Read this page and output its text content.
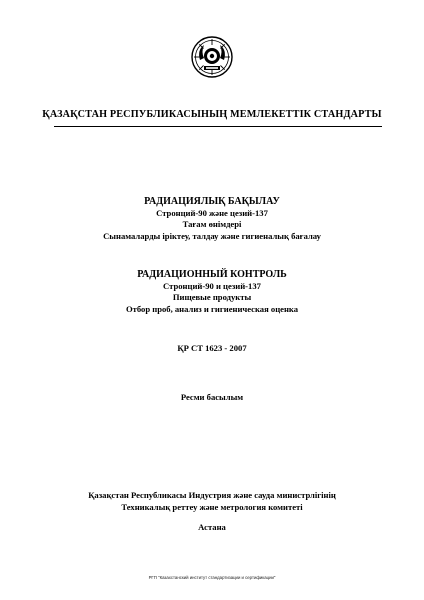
ҚАЗАҚСТАН РЕСПУБЛИКАСЫНЫҢ МЕМЛЕКЕТТІК СТАНДАРТЫ
РАДИАЦИЯЛЫҚ БАҚЫЛАУ
Стронций-90 және цезий-137
Тағам өнімдері
Сынамаларды іріктеу, талдау және гигиеналық бағалау
РАДИАЦИОННЫЙ КОНТРОЛЬ
Стронций-90 и цезий-137
Пищевые продукты
Отбор проб, анализ и гигиеническая оценка
ҚР СТ 1623 - 2007
Ресми басылым
Қазақстан Республикасы Индустрия және сауда министрлігінің
Техникалық реттеу және метрология комитеті
Астана
РГП "Казахстанский институт стандартизации и сертификации"
